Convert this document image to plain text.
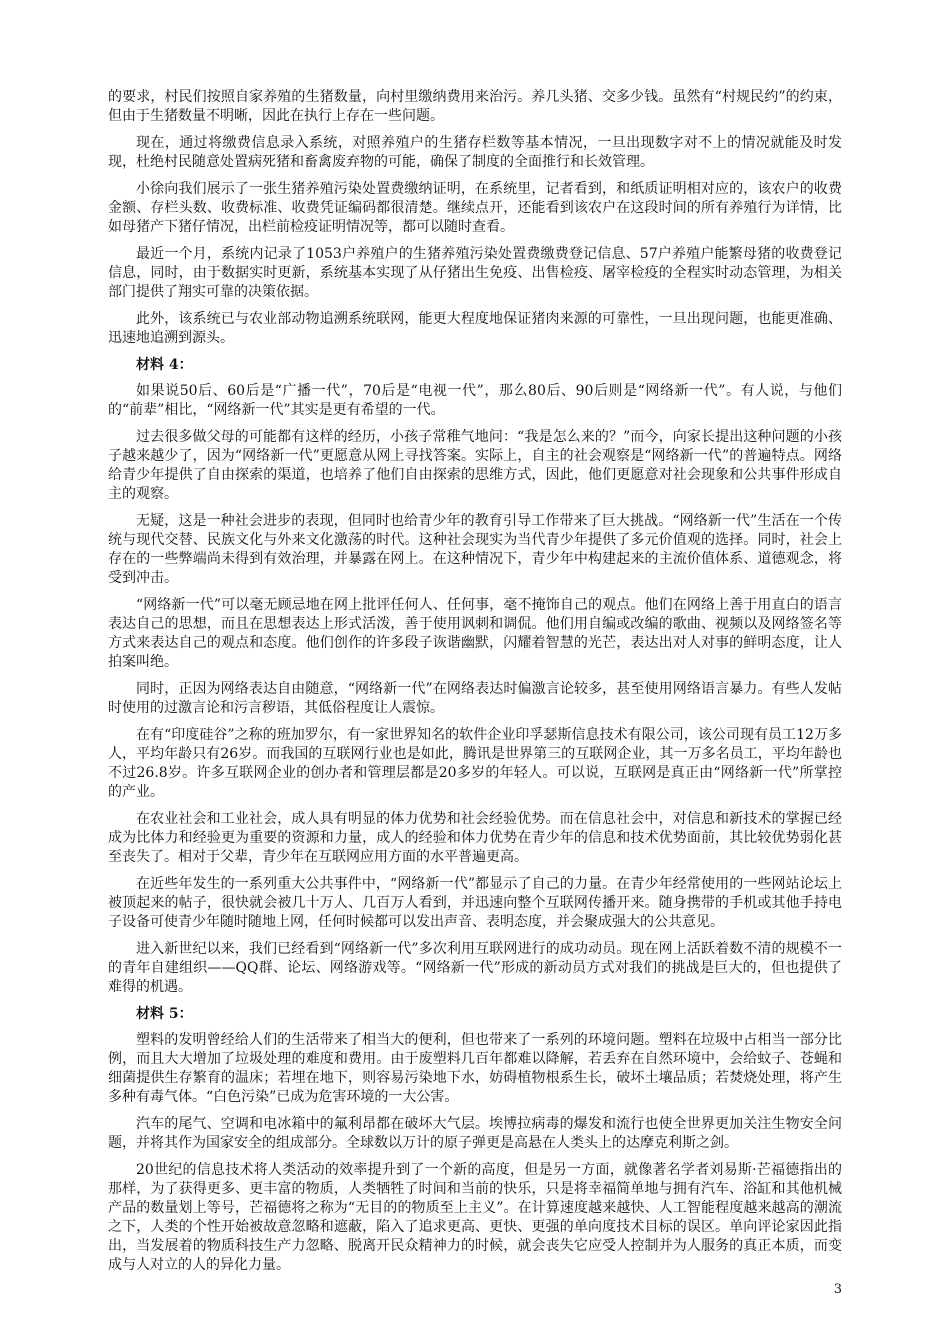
的要求，村民们按照自家养殖的生猪数量，向村里缴纳费用来治污。养几头猪、交多少钱。虽然有“村规民约”的约束，但由于生猪数量不明晰，因此在执行上存在一些问题。

现在，通过将缴费信息录入系统，对照养殖户的生猪存栏数等基本情况，一旦出现数字对不上的情况就能及时发现，杜绝村民随意处置病死猪和畜禽废弃物的可能，确保了制度的全面推行和长效管理。

小徐向我们展示了一张生猪养殖污染处置费缴纳证明，在系统里，记者看到，和纸质证明相对应的，该农户的收费金额、存栏头数、收费标准、收费凭证编码都很清楚。继续点开，还能看到该农户在这段时间的所有养殖行为详情，比如母猪产下猪仔情况，出栏前检疫证明情况等，都可以随时查看。

最近一个月，系统内记录了1053户养殖户的生猪养殖污染处置费缴费登记信息、57户养殖户能繁母猪的收费登记信息，同时，由于数据实时更新，系统基本实现了从仔猪出生免疫、出售检疫、屠宰检疫的全程实时动态管理，为相关部门提供了翔实可靠的决策依据。

此外，该系统已与农业部动物追溯系统联网，能更大程度地保证猪肉来源的可靠性，一旦出现问题，也能更准确、迅速地追溯到源头。

材料 4：

如果说50后、60后是“广播一代”，70后是“电视一代”，那么80后、90后则是“网络新一代”。有人说，与他们的“前辈”相比，“网络新一代”其实是更有希望的一代。

过去很多做父母的可能都有这样的经历，小孩子常稚气地问：“我是怎么来的？”而今，向家长提出这种问题的小孩子越来越少了，因为“网络新一代”更愿意从网上寻找答案。实际上，自主的社会观察是“网络新一代”的普遍特点。网络给青少年提供了自由探索的渠道，也培养了他们自由探索的思维方式，因此，他们更愿意对社会现象和公共事件形成自主的观察。

无疑，这是一种社会进步的表现，但同时也给青少年的教育引导工作带来了巨大挑战。“网络新一代”生活在一个传统与现代交替、民族文化与外来文化激荡的时代。这种社会现实为当代青少年提供了多元价值观的选择。同时，社会上存在的一些弊端尚未得到有效治理，并暴露在网上。在这种情况下，青少年中构建起来的主流价值体系、道德观念，将受到冲击。

“网络新一代”可以毫无顾忌地在网上批评任何人、任何事，毫不掩饰自己的观点。他们在网络上善于用直白的语言表达自己的思想，而且在思想表达上形式活泼，善于使用讽刺和调侃。他们用自编或改编的歌曲、视频以及网络签名等方式来表达自己的观点和态度。他们创作的许多段子诙谐幽默，闪耀着智慧的光芒，表达出对人对事的鲜明态度，让人拍案叫绝。

同时，正因为网络表达自由随意，“网络新一代”在网络表达时偏激言论较多，甚至使用网络语言暴力。有些人发帖时使用的过激言论和污言秽语，其低俗程度让人震惊。

在有“印度硅谷”之称的班加罗尔，有一家世界知名的软件企业印孚瑟斯信息技术有限公司，该公司现有员工12万多人，平均年龄只有26岁。而我国的互联网行业也是如此，腾讯是世界第三的互联网企业，其一万多名员工，平均年龄也不过26.8岁。许多互联网企业的创办者和管理层都是20多岁的年轻人。可以说，互联网是真正由“网络新一代”所掌控的产业。

在农业社会和工业社会，成人具有明显的体力优势和社会经验优势。而在信息社会中，对信息和新技术的掌握已经成为比体力和经验更为重要的资源和力量，成人的经验和体力优势在青少年的信息和技术优势面前，其比较优势弱化甚至丧失了。相对于父辈，青少年在互联网应用方面的水平普遍更高。

在近些年发生的一系列重大公共事件中，“网络新一代”都显示了自己的力量。在青少年经常使用的一些网站论坛上被顶起来的帖子，很快就会被几十万人、几百万人看到，并迅速向整个互联网传播开来。随身携带的手机或其他手持电子设备可使青少年随时随地上网，任何时候都可以发出声音、表明态度，并会聚成强大的公共意见。

进入新世纪以来，我们已经看到“网络新一代”多次利用互联网进行的成功动员。现在网上活跃着数不清的规模不一的青年自建组织——QQ群、论坛、网络游戏等。“网络新一代”形成的新动员方式对我们的挑战是巨大的，但也提供了难得的机遇。

材料 5：

塑料的发明曾经给人们的生活带来了相当大的便利，但也带来了一系列的环境问题。塑料在垃圾中占相当一部分比例，而且大大增加了垃圾处理的难度和费用。由于废塑料几百年都难以降解，若丢弃在自然环境中，会给蚊子、苍蝇和细菌提供生存繁育的温床；若埋在地下，则容易污染地下水，妨碍植物根系生长，破坏土壤品质；若焚烧处理，将产生多种有毒气体。“白色污染”已成为危害环境的一大公害。

汽车的尾气、空调和电冰箱中的氟利昂都在破坏大气层。埃博拉病毒的爆发和流行也使全世界更加关注生物安全问题，并将其作为国家安全的组成部分。全球数以万计的原子弹更是高悬在人类头上的达摩克利斯之剑。

20世纪的信息技术将人类活动的效率提升到了一个新的高度，但是另一方面，就像著名学者刘易斯·芒福德指出的那样，为了获得更多、更丰富的物质，人类牺牲了时间和当前的快乐，只是将幸福简单地与拥有汽车、浴缸和其他机械产品的数量划上等号，芒福德将之称为“无目的的物质至上主义”。在计算速度越来越快、人工智能程度越来越高的潮流之下，人类的个性开始被故意忽略和遮蔽，陷入了追求更高、更快、更强的单向度技术目标的误区。单向评论家因此指出，当发展着的物质科技生产力忽略、脱离开民众精神力的时候，就会丧失它应受人控制并为人服务的真正本质，而变成与人对立的人的异化力量。

3
